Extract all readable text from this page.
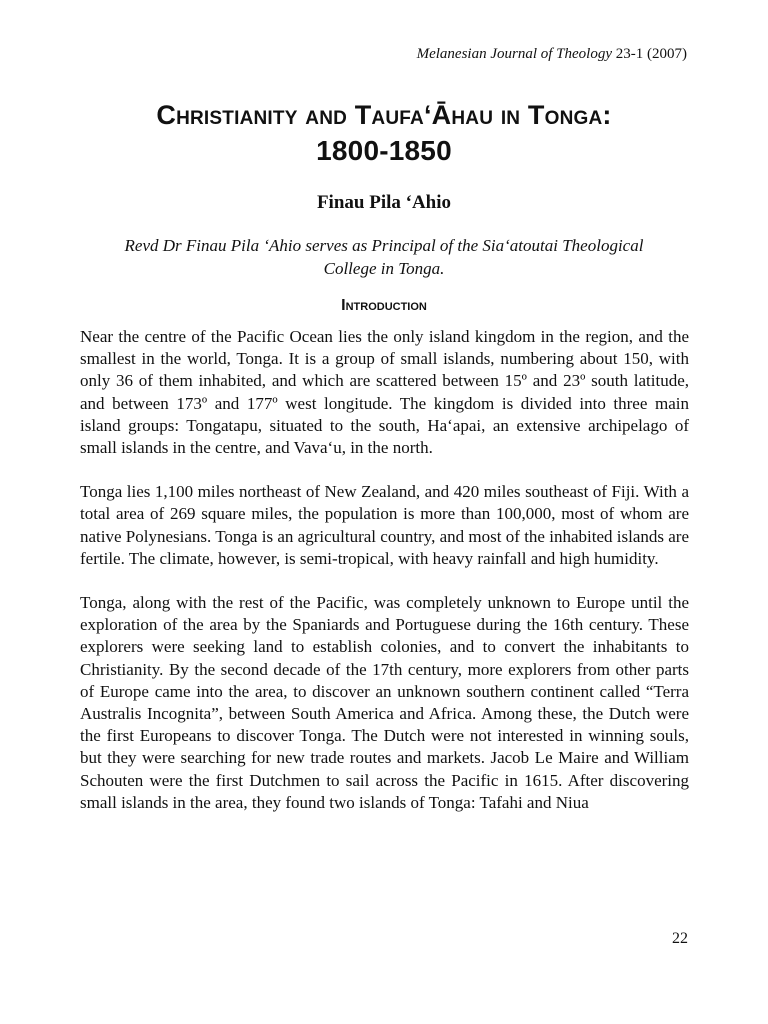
Melanesian Journal of Theology 23-1 (2007)
Christianity and Taufa‘Āhau in Tonga:
1800-1850
Finau Pila ‘Ahio
Revd Dr Finau Pila ‘Ahio serves as Principal of the Sia‘atoutai Theological College in Tonga.
Introduction

Near the centre of the Pacific Ocean lies the only island kingdom in the region, and the smallest in the world, Tonga. It is a group of small islands, numbering about 150, with only 36 of them inhabited, and which are scattered between 15º and 23º south latitude, and between 173º and 177º west longitude. The kingdom is divided into three main island groups: Tongatapu, situated to the south, Ha‘apai, an extensive archipelago of small islands in the centre, and Vava‘u, in the north.

Tonga lies 1,100 miles northeast of New Zealand, and 420 miles southeast of Fiji. With a total area of 269 square miles, the population is more than 100,000, most of whom are native Polynesians. Tonga is an agricultural country, and most of the inhabited islands are fertile. The climate, however, is semi-tropical, with heavy rainfall and high humidity.

Tonga, along with the rest of the Pacific, was completely unknown to Europe until the exploration of the area by the Spaniards and Portuguese during the 16th century. These explorers were seeking land to establish colonies, and to convert the inhabitants to Christianity. By the second decade of the 17th century, more explorers from other parts of Europe came into the area, to discover an unknown southern continent called “Terra Australis Incognita”, between South America and Africa. Among these, the Dutch were the first Europeans to discover Tonga. The Dutch were not interested in winning souls, but they were searching for new trade routes and markets. Jacob Le Maire and William Schouten were the first Dutchmen to sail across the Pacific in 1615. After discovering small islands in the area, they found two islands of Tonga: Tafahi and Niua

22
